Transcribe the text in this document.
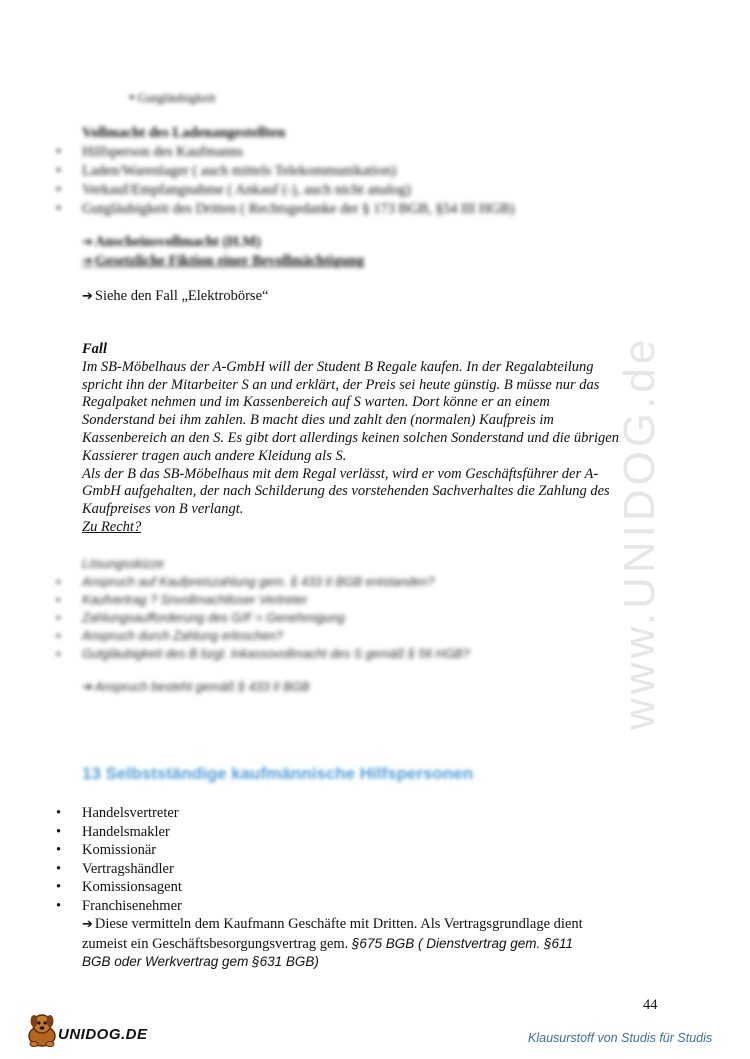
www.UNIDOG.de
• Gutgläubigkeit
Vollmacht des Ladenangestellten
• Hilfsperson des Kaufmanns
• Laden/Warenlager ( auch mittels Telekommunikation)
• Verkauf/Empfangnahme ( Ankauf (-), auch nicht analog)
• Gutgläubigkeit des Dritten ( Rechtsgedanke der § 173 BGB, §54 III HGB)
➔ Anscheinsvollmacht (H.M)
➔ Gesetzliche Fiktion einer Bevollmächtigung
➔ Siehe den Fall „Elektrobörse“
Fall
Im SB-Möbelhaus der A-GmbH will der Student B Regale kaufen. In der Regalabteilung
spricht ihn der Mitarbeiter S an und erklärt, der Preis sei heute günstig. B müsse nur das
Regalpaket nehmen und im Kassenbereich auf S warten. Dort könne er an einem
Sonderstand bei ihm zahlen. B macht dies und zahlt den (normalen) Kaufpreis im
Kassenbereich an den S. Es gibt dort allerdings keinen solchen Sonderstand und die übrigen
Kassierer tragen auch andere Kleidung als S.
Als der B das SB-Möbelhaus mit dem Regal verlässt, wird er vom Geschäftsführer der A-
GmbH aufgehalten, der nach Schilderung des vorstehenden Sachverhaltes die Zahlung des
Kaufpreises von B verlangt.
Zu Recht?
Lösungsskizze
• Anspruch auf Kaufpreiszahlung gem. § 433 II BGB entstanden?
• Kaufvertrag ? Snvollmachtloser Vertreter
• Zahlungsaufforderung des G/F = Genehmigung
• Anspruch durch Zahlung erloschen?
• Gutgläubigkeit des B bzgl. Inkassovollmacht des S gemäß § 56 HGB?
➔ Anspruch besteht gemäß § 433 II BGB
13 Selbstständige kaufmännische Hilfspersonen
• Handelsvertreter
• Handelsmakler
• Komissionär
• Vertragshändler
• Komissionsagent
• Franchisenehmer
➔ Diese vermitteln dem Kaufmann Geschäfte mit Dritten. Als Vertragsgrundlage dient
zumeist ein Geschäftsbesorgungsvertrag gem. §675 BGB ( Dienstvertrag gem. §611
BGB oder Werkvertrag gem §631 BGB)
44
UNIDOG.DE	Klausurstoff von Studis für Studis
